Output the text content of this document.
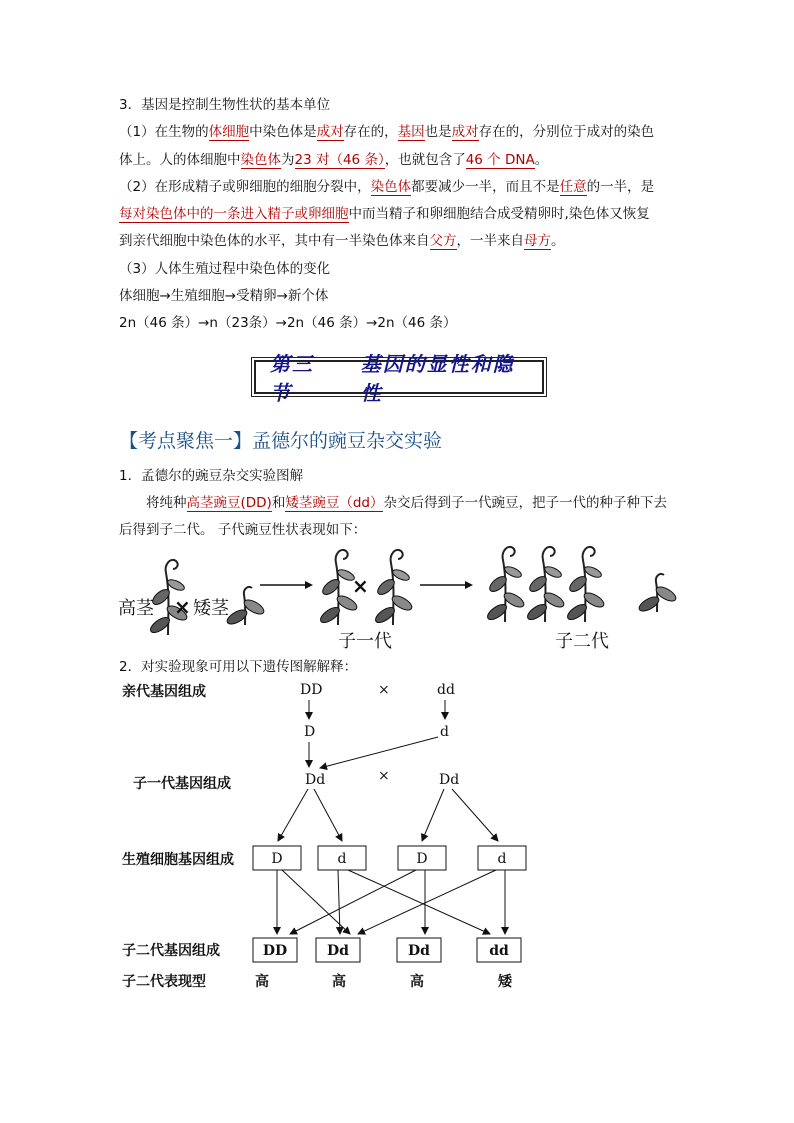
3．基因是控制生物性状的基本单位
（1）在生物的体细胞中染色体是成对存在的，基因也是成对存在的，分别位于成对的染色
体上。人的体细胞中染色体为23 对（46 条），也就包含了46 个 DNA。
（2）在形成精子或卵细胞的细胞分裂中，染色体都要减少一半，而且不是任意的一半，是
每对染色体中的一条进入精子或卵细胞中而当精子和卵细胞结合成受精卵时,染色体又恢复
到亲代细胞中染色体的水平，其中有一半染色体来自父方，一半来自母方。
（3）人体生殖过程中染色体的变化
体细胞→生殖细胞→受精卵→新个体
2n（46 条）→n（23条）→2n（46 条）→2n（46 条）
第三节
基因的显性和隐性
【考点聚焦一】孟德尔的豌豆杂交实验
1．孟德尔的豌豆杂交实验图解
将纯种高茎豌豆(DD)和矮茎豌豆（dd）杂交后得到子一代豌豆，把子一代的种子种下去
后得到子二代。 子代豌豆性状表现如下：
高茎 × 矮茎
×
子一代	子二代
2．对实验现象可用以下遗传图解解释：
亲代基因组成
子一代基因组成
生殖细胞基因组成
子二代基因组成
子二代表现型
DD	×	dd
D	d
Dd	×	Dd
D	d	D	d
DD	Dd	Dd	dd
高	高	高	矮
